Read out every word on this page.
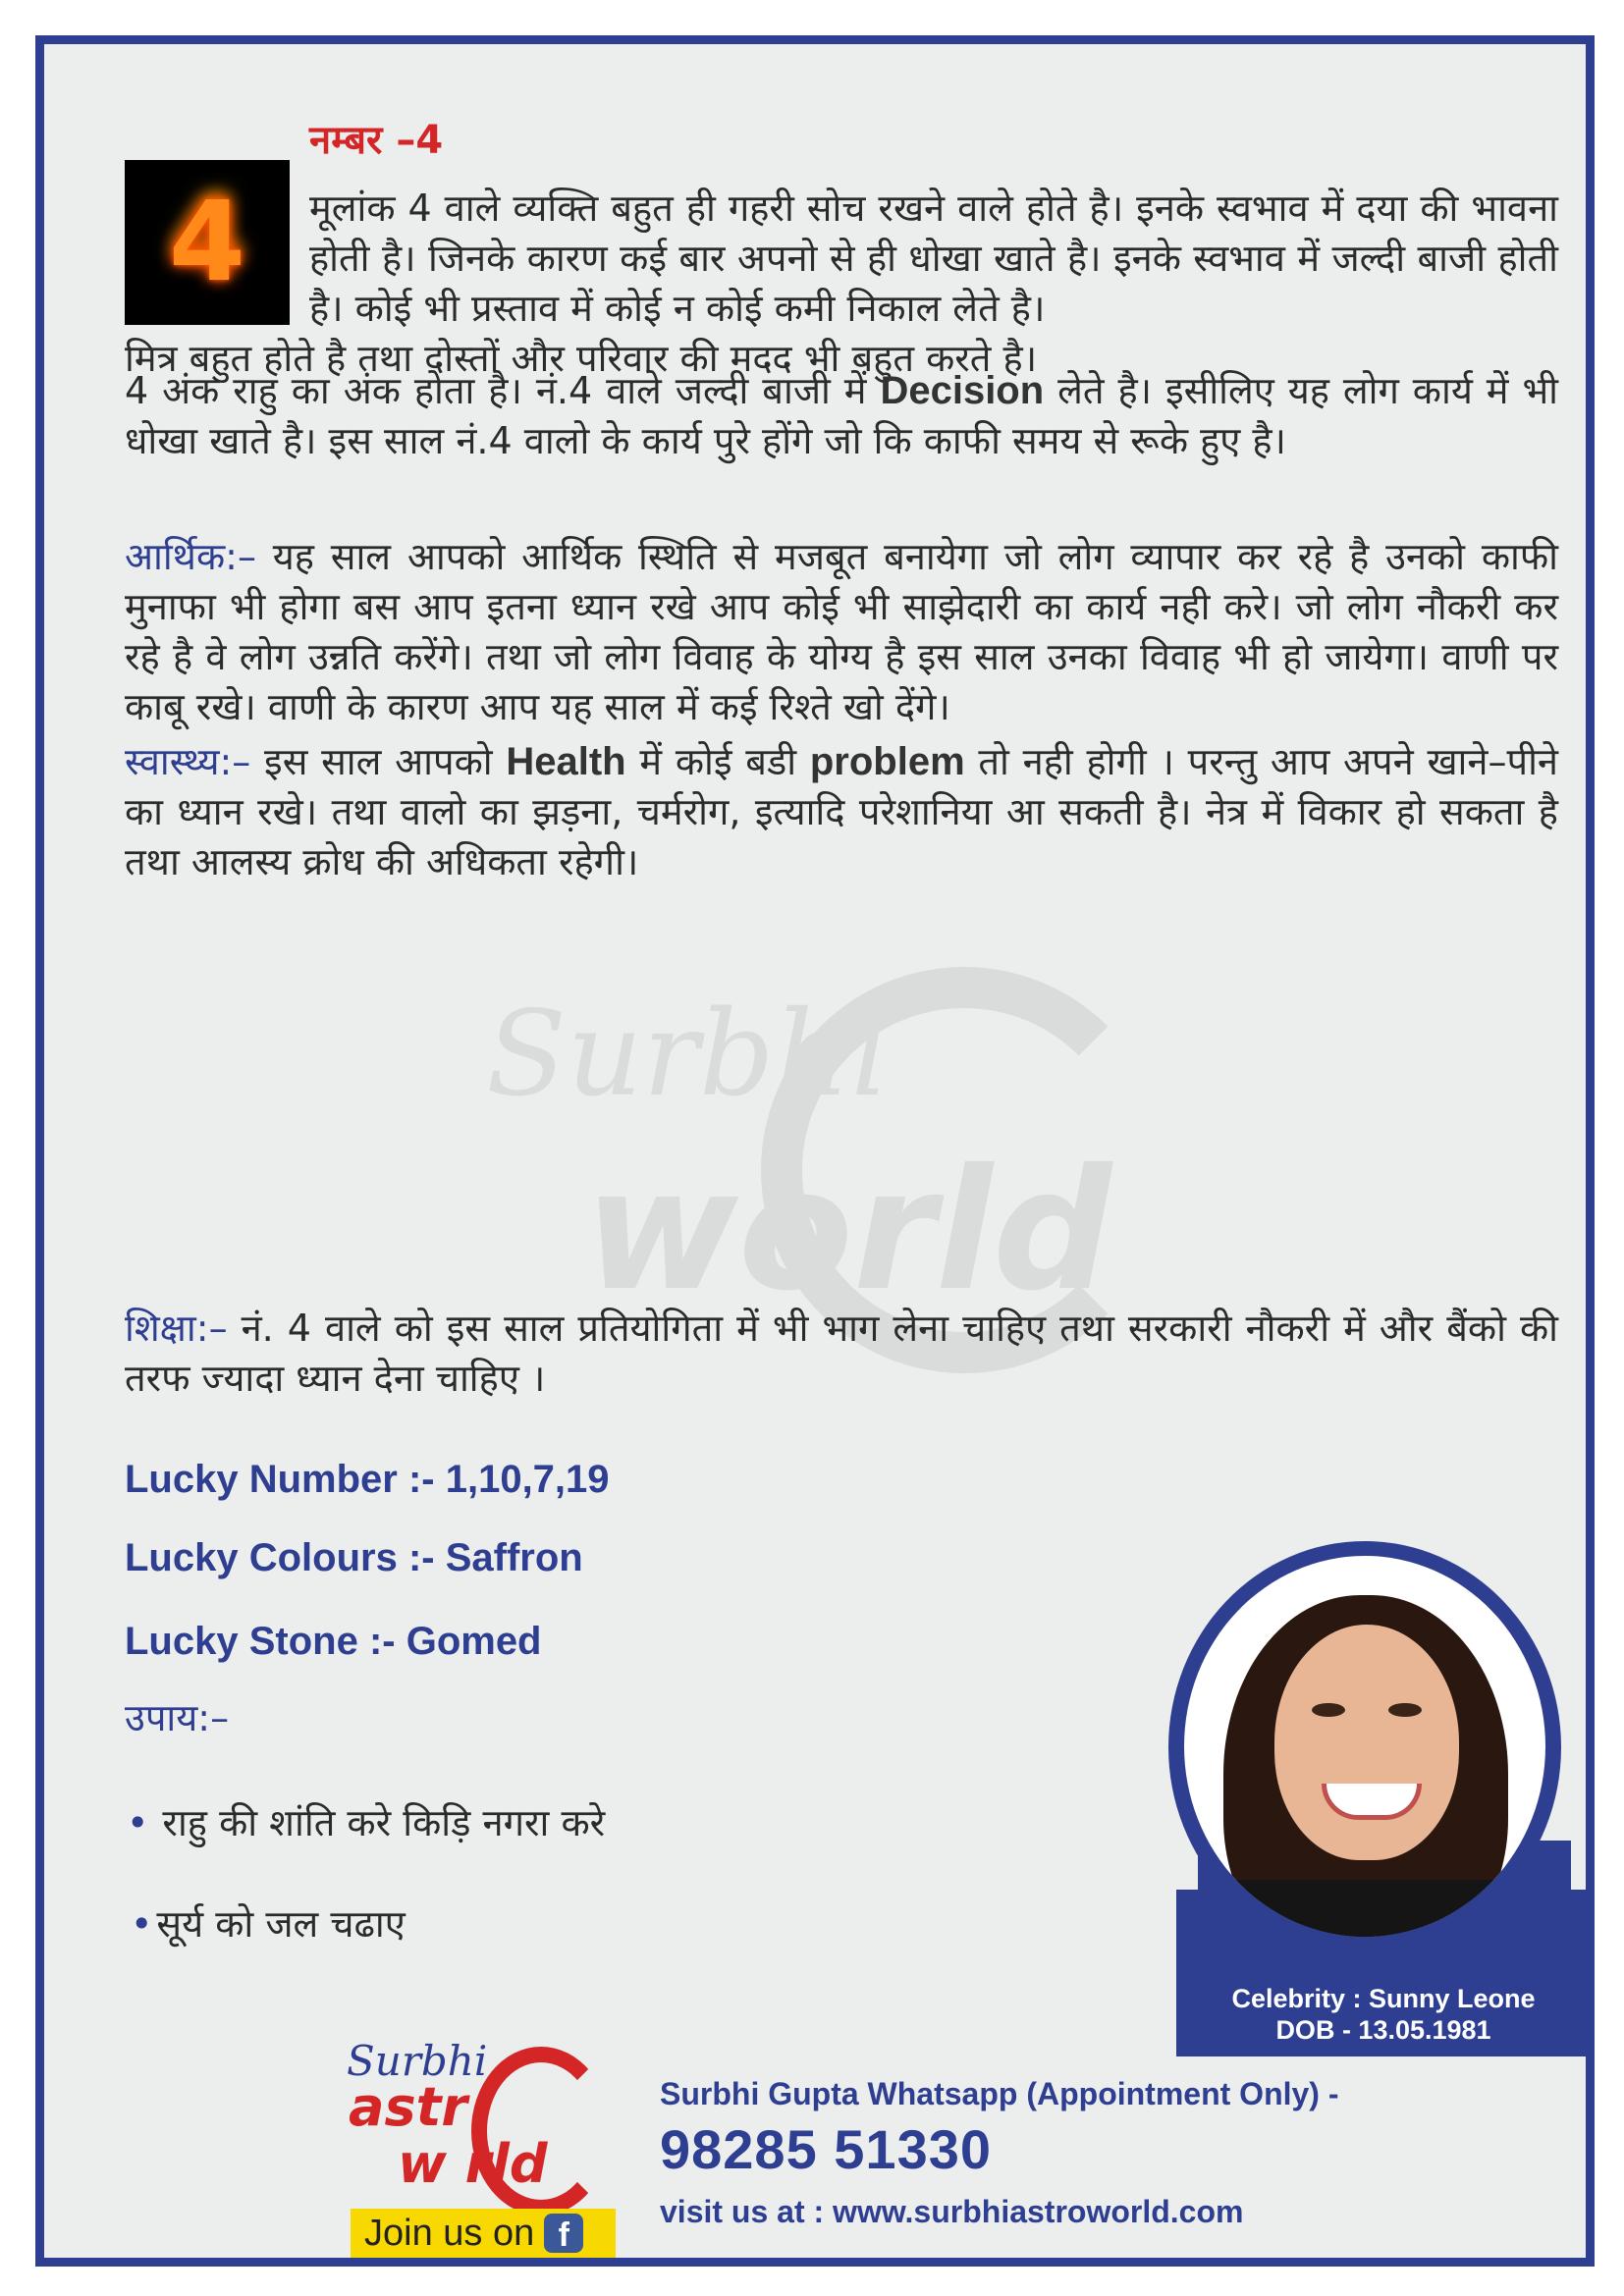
Surbhi
world
नम्बर –4
4	मूलांक 4 वाले व्यक्ति बहुत ही गहरी सोच रखने वाले होते है। इनके स्वभाव में दया की भावना होती है। जिनके कारण कई बार अपनो से ही धोखा खाते है। इनके स्वभाव में जल्दी बाजी होती है। कोई भी प्रस्ताव में कोई न कोई कमी निकाल लेते है।
मित्र बहुत होते है तथा दोस्तों और परिवार की मदद भी बहुत करते है।

4 अंक राहु का अंक होता है। नं.4 वाले जल्दी बाजी में Decision लेते है। इसीलिए यह लोग कार्य में भी धोखा खाते है। इस साल नं.4 वालो के कार्य पुरे होंगे जो कि काफी समय से रूके हुए है।

आर्थिक:– यह साल आपको आर्थिक स्थिति से मजबूत बनायेगा जो लोग व्यापार कर रहे है उनको काफी मुनाफा भी होगा बस आप इतना ध्यान रखे आप कोई भी साझेदारी का कार्य नही करे। जो लोग नौकरी कर रहे है वे लोग उन्नति करेंगे। तथा जो लोग विवाह के योग्य है इस साल उनका विवाह भी हो जायेगा। वाणी पर काबू रखे। वाणी के कारण आप यह साल में कई रिश्ते खो देंगे।

स्वास्थ्य:– इस साल आपको Health में कोई बडी problem तो नही होगी । परन्तु आप अपने खाने–पीने का ध्यान रखे। तथा वालो का झड़ना, चर्मरोग, इत्यादि परेशानिया आ सकती है। नेत्र में विकार हो सकता है तथा आलस्य क्रोध की अधिकता रहेगी।

शिक्षा:– नं. 4 वाले को इस साल प्रतियोगिता में भी भाग लेना चाहिए तथा सरकारी नौकरी में और बैंको की तरफ ज्यादा ध्यान देना चाहिए ।

Lucky Number :- 1,10,7,19
Lucky Colours :- Saffron
Lucky Stone :- Gomed
उपाय:–
• राहु की शांति करे किड़ि नगरा करे
• सूर्य को जल चढाए
Celebrity : Sunny Leone
DOB - 13.05.1981
Surbhi
astr
w rld
Join us on f
Surbhi Gupta Whatsapp (Appointment Only) -
98285 51330
visit us at : www.surbhiastroworld.com
